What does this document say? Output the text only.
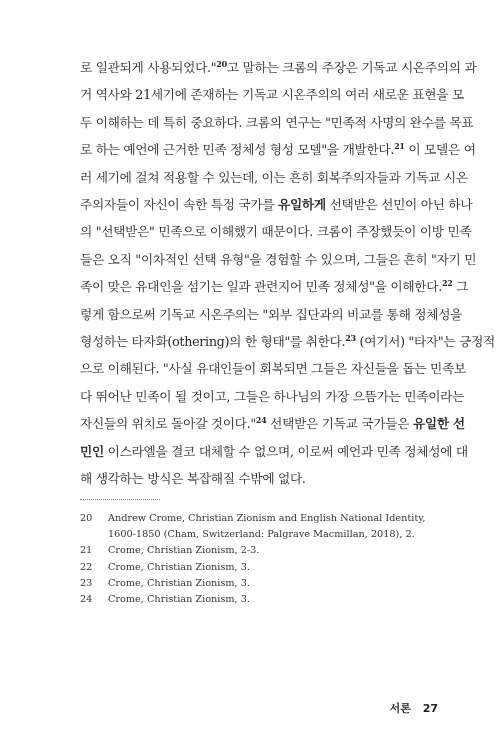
로 일관되게 사용되었다."$^{20}$고 말하는 크롬의 주장은 기독교 시온주의의 과
거 역사와 21세기에 존재하는 기독교 시온주의의 여러 새로운 표현을 모
두 이해하는 데 특히 중요하다. 크롬의 연구는 "민족적 사명의 완수를 목표
로 하는 예언에 근거한 민족 정체성 형성 모델"을 개발한다.$^{21}$ 이 모델은 여
러 세기에 걸쳐 적용할 수 있는데, 이는 흔히 회복주의자들과 기독교 시온
주의자들이 자신이 속한 특정 국가를 유일하게 선택받은 선민이 아닌 하나
의 "선택받은" 민족으로 이해했기 때문이다. 크롬이 주장했듯이 이방 민족
들은 오직 "이차적인 선택 유형"을 경험할 수 있으며, 그들은 흔히 "자기 민
족이 맞은 유대인을 섬기는 일과 관련지어 민족 정체성"을 이해한다.$^{22}$ 그
렇게 함으로써 기독교 시온주의는 "외부 집단과의 비교를 통해 정체성을
형성하는 타자화(othering)의 한 형태"를 취한다.$^{23}$ (여기서) "타자"는 긍정적
으로 이해된다. "사실 유대인들이 회복되면 그들은 자신들을 돕는 민족보
다 뛰어난 민족이 될 것이고, 그들은 하나님의 가장 으뜸가는 민족이라는
자신들의 위치로 돌아갈 것이다."$^{24}$ 선택받은 기독교 국가들은 유일한 선
민인 이스라엘을 결코 대체할 수 없으며, 이로써 예언과 민족 정체성에 대
해 생각하는 방식은 복잡해질 수밖에 없다.
20	Andrew Crome, Christian Zionism and English National Identity, 1600-1850 (Cham, Switzerland: Palgrave Macmillan, 2018), 2.
21	Crome, Christian Zionism, 2-3.
22	Crome, Christian Zionism, 3.
23	Crome, Christian Zionism, 3.
24	Crome, Christian Zionism, 3.
서론 27
